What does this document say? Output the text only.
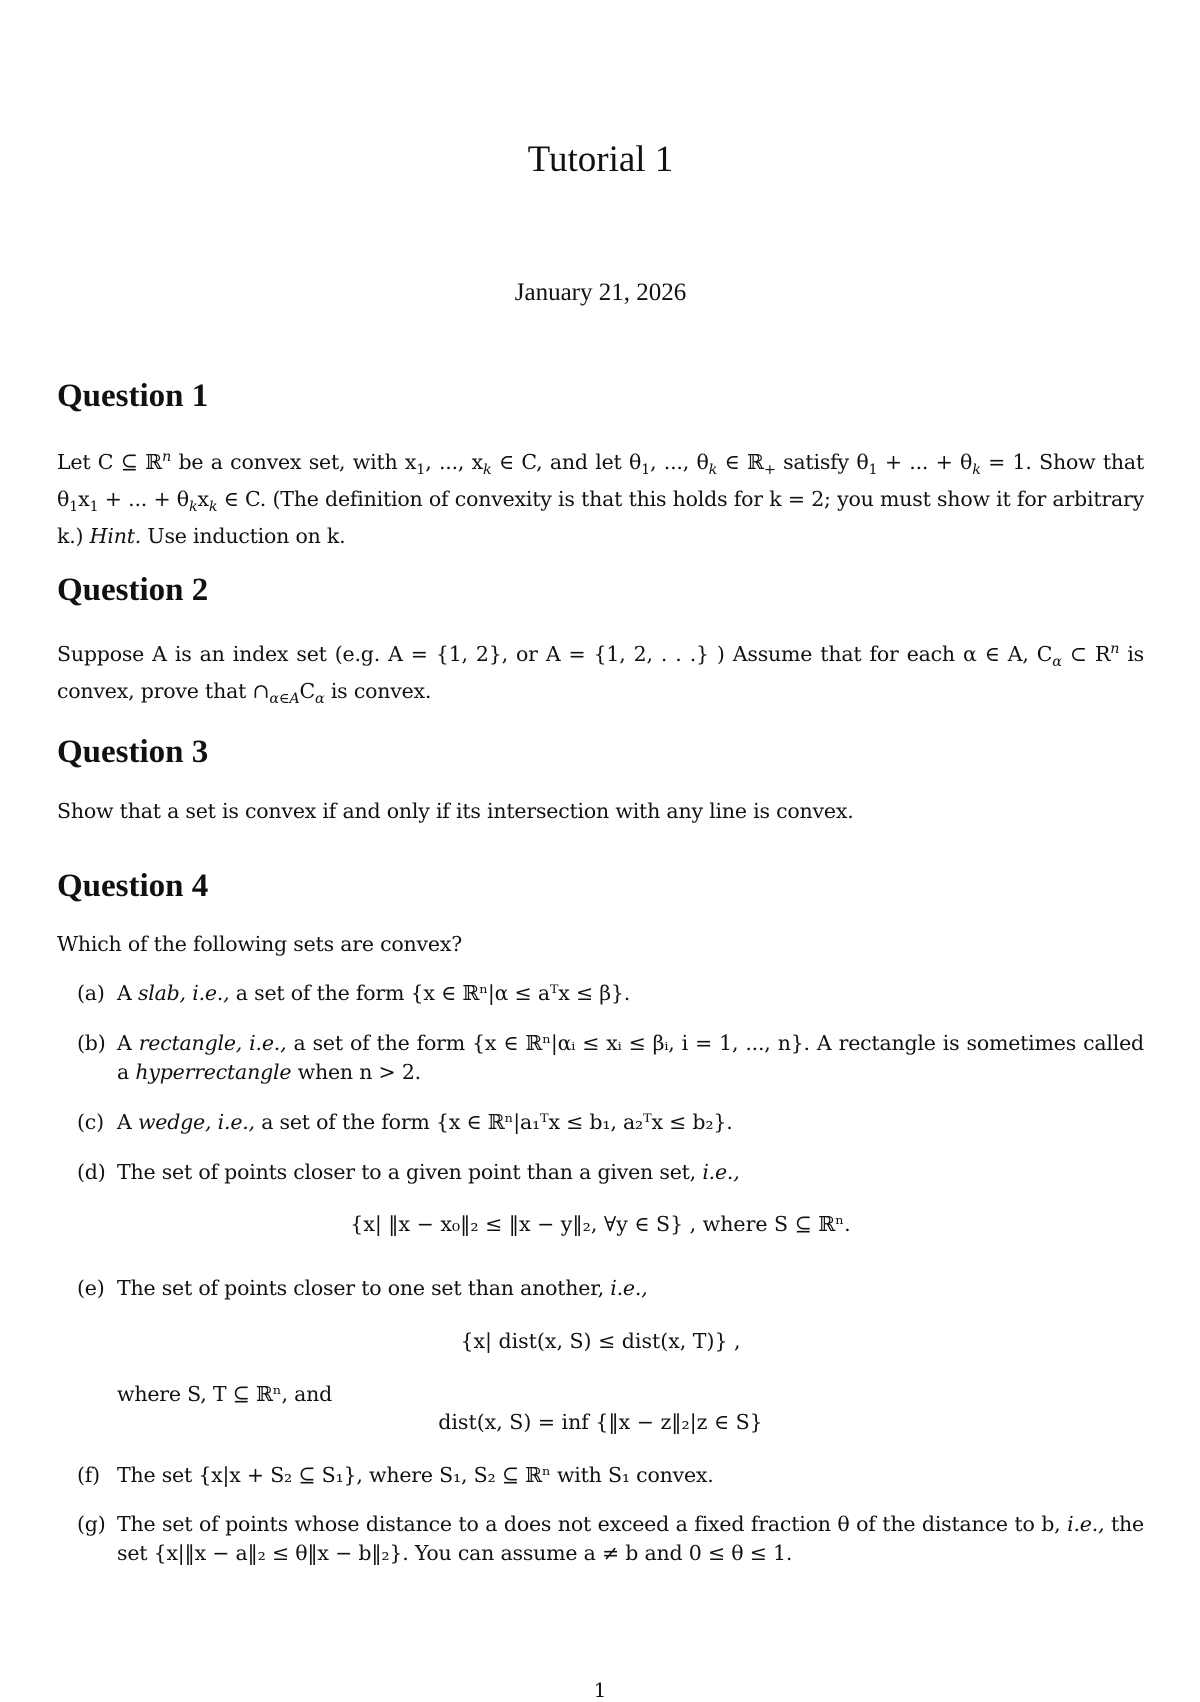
Tutorial 1
January 21, 2026
Question 1
Let C ⊆ ℝ$^n$ be a convex set, with $x_1$, ..., $x_k$ ∈ C, and let $\theta_1$, ..., $\theta_k$ ∈ ℝ$_+$ satisfy $\theta_1$ + ... + $\theta_k = 1$. Show that $\theta_1x_1$ + ... + $\theta_kx_k$ ∈ C. (The definition of convexity is that this holds for k = 2; you must show it for arbitrary k.) Hint. Use induction on k.
Question 2
Suppose A is an index set (e.g. A = {1, 2}, or A = {1, 2, . . .} ) Assume that for each α ∈ A, $C_\alpha$ ⊂ $R^n$ is convex, prove that $\cap_{\alpha\in A}C_\alpha$ is convex.
Question 3
Show that a set is convex if and only if its intersection with any line is convex.
Question 4
Which of the following sets are convex?
(a) A slab, i.e., a set of the form {x ∈ ℝⁿ|α ≤ aᵀx ≤ β}.
(b) A rectangle, i.e., a set of the form {x ∈ ℝⁿ|αᵢ ≤ xᵢ ≤ βᵢ, i = 1, ..., n}. A rectangle is sometimes called a hyperrectangle when n > 2.
(c) A wedge, i.e., a set of the form {x ∈ ℝⁿ|a₁ᵀx ≤ b₁, a₂ᵀx ≤ b₂}.
(d) The set of points closer to a given point than a given set, i.e.,
{x| ‖x − x₀‖₂ ≤ ‖x − y‖₂, ∀y ∈ S} , where S ⊆ ℝⁿ.
(e) The set of points closer to one set than another, i.e.,
{x| dist(x, S) ≤ dist(x, T)} ,
where S, T ⊆ ℝⁿ, and
dist(x, S) = inf {‖x − z‖₂|z ∈ S}
(f) The set {x|x + S₂ ⊆ S₁}, where S₁, S₂ ⊆ ℝⁿ with S₁ convex.
(g) The set of points whose distance to a does not exceed a fixed fraction θ of the distance to b, i.e., the set {x|‖x − a‖₂ ≤ θ‖x − b‖₂}. You can assume a ≠ b and 0 ≤ θ ≤ 1.
1
